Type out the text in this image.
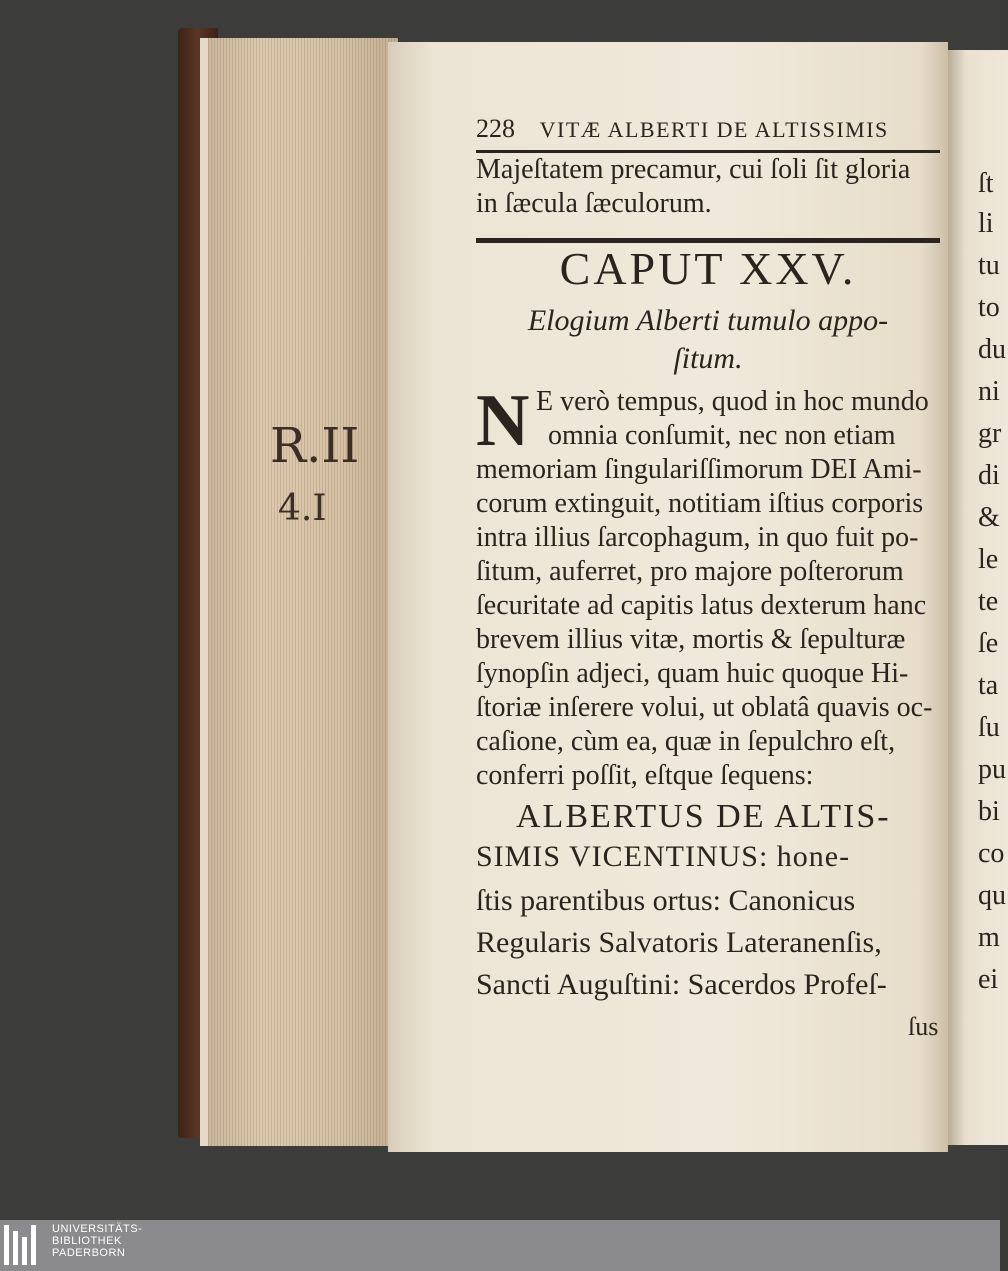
R.II
4.I
228 VITÆ ALBERTI DE ALTISSIMIS
Majeſtatem precamur, cui ſoli ſit gloria
in ſæcula ſæculorum.
CAPUT XXV.
Elogium Alberti tumulo appo-
ſitum.
N E verò tempus, quod in hoc mundo
omnia conſumit, nec non etiam
memoriam ſingulariſſimorum DEI Ami-
corum extinguit, notitiam iſtius corporis
intra illius ſarcophagum, in quo fuit po-
ſitum, auferret, pro majore poſterorum
ſecuritate ad capitis latus dexterum hanc
brevem illius vitæ, mortis & ſepulturæ
ſynopſin adjeci, quam huic quoque Hi-
ſtoriæ inſerere volui, ut oblatâ quavis oc-
caſione, cùm ea, quæ in ſepulchro eſt,
conferri poſſit, eſtque ſequens:
ALBERTUS DE ALTIS-
SIMIS VICENTINUS: hone-
ſtis parentibus ortus: Canonicus
Regularis Salvatoris Lateranenſis,
Sancti Auguſtini: Sacerdos Profeſ-
ſus
ſt
li
tu
to
du
ni
gr
di
&
le
te
ſe
ta
ſu
pu
bi
co
qu
m
ei
UNIVERSITÄTS-
BIBLIOTHEK
PADERBORN
